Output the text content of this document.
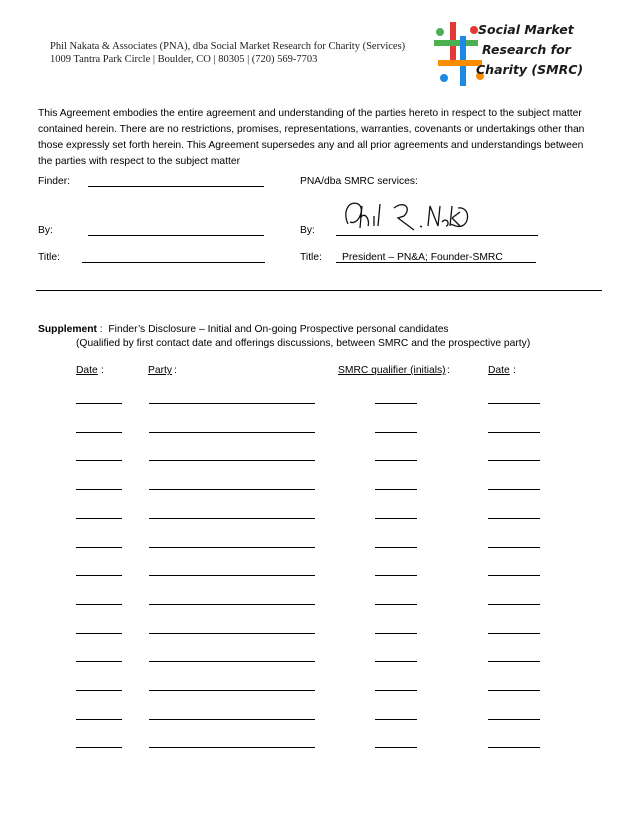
Phil Nakata & Associates (PNA), dba Social Market Research for Charity (Services)
1009 Tantra Park Circle | Boulder, CO | 80305 | (720) 569-7703
Social Market
Research for
Charity (SMRC)
This Agreement embodies the entire agreement and understanding of the parties hereto in respect to the subject matter contained herein. There are no restrictions, promises, representations, warranties, covenants or undertakings other than those expressly set forth herein. This Agreement supersedes any and all prior agreements and understandings between the parties with respect to the subject matter
Finder:	PNA/dba SMRC services:
By:	By:
Title:	Title: President – PN&A; Founder-SMRC
Supplement :  Finder’s Disclosure – Initial and On-going Prospective personal candidates
(Qualified by first contact date and offerings discussions, between SMRC and the prospective party)
Date :	Party :	SMRC qualifier (initials) :	Date :
